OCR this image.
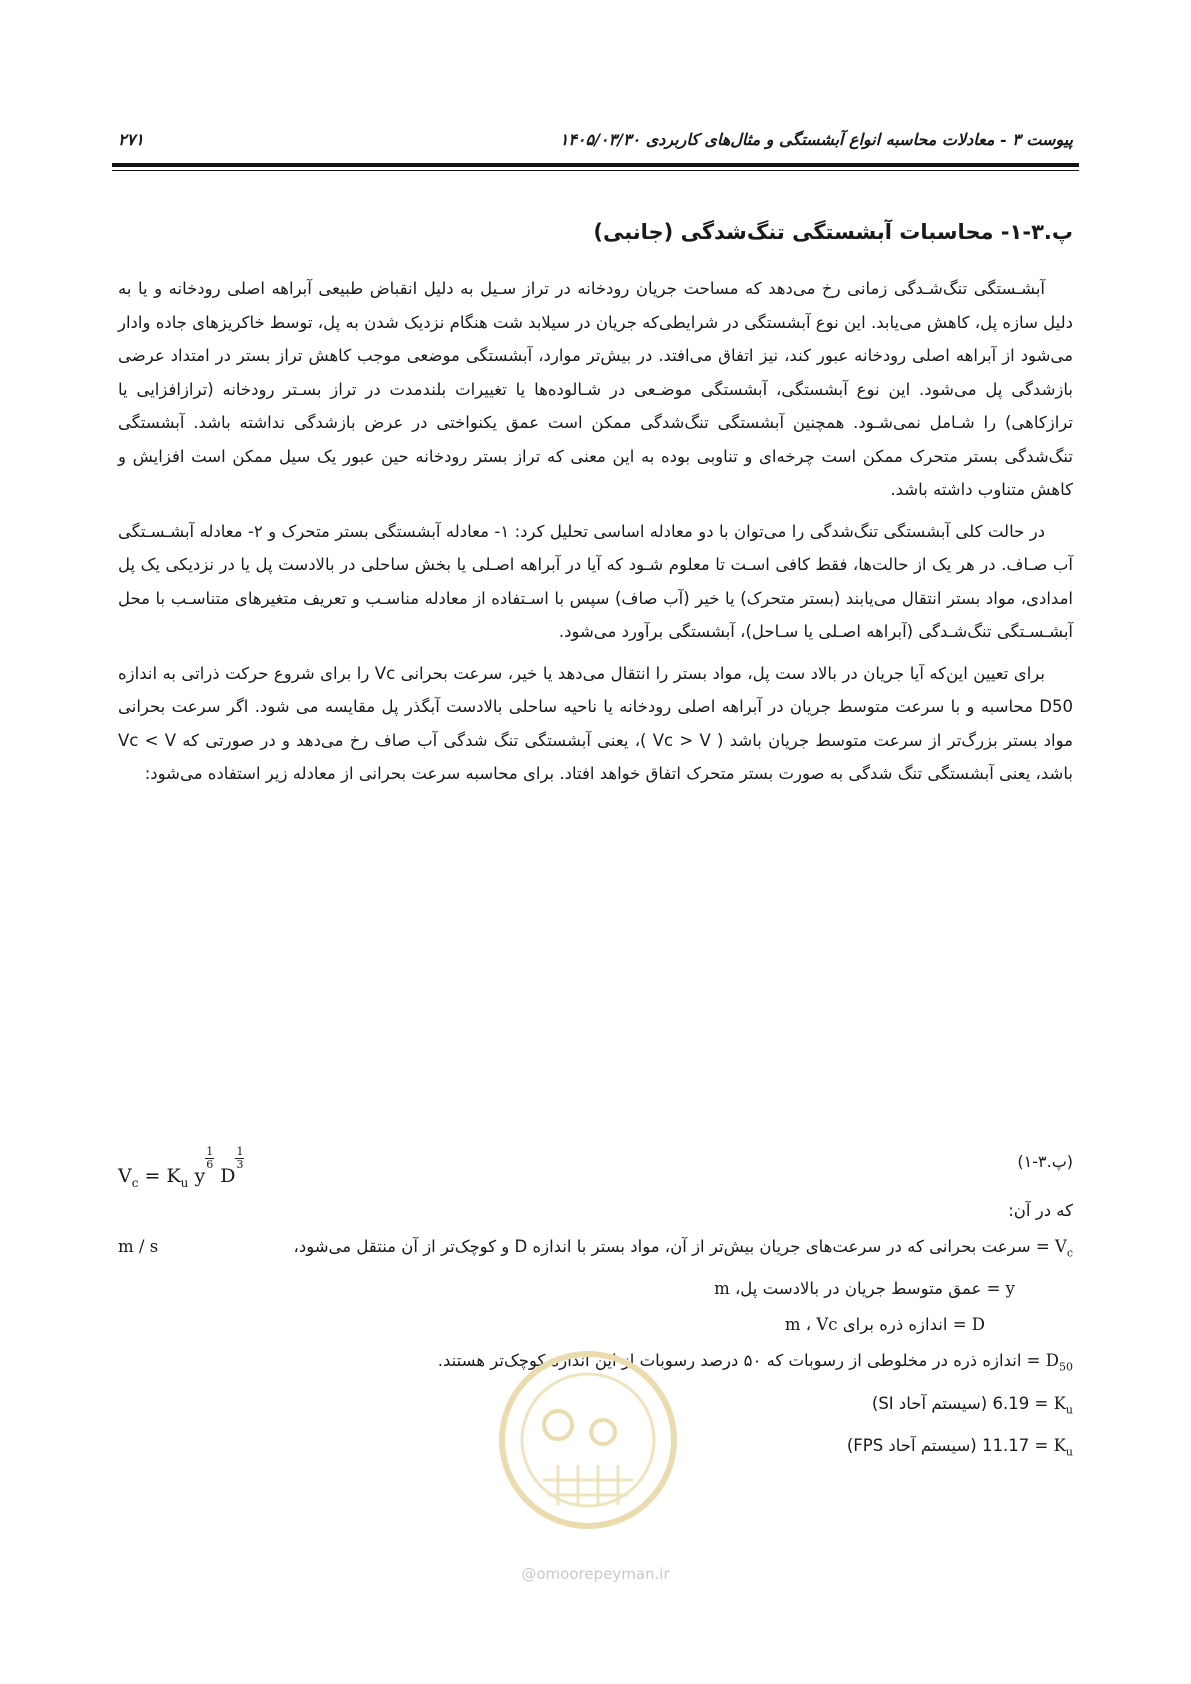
پیوست ۳ - معادلات محاسبه انواع آبشستگی و مثال‌های کاربردی ۱۴۰۵/۰۳/۳۰
۲۷۱
پ.۳-۱- محاسبات آبشستگی تنگ‌شدگی (جانبی)

آبشـستگی تنگ‌شـدگی زمانی رخ می‌دهد که مساحت جریان رودخانه در تراز سـیل به دلیل انقباض طبیعی آبراهه اصلی رودخانه و یا به دلیل سازه پل، کاهش می‌یابد. این نوع آبشستگی در شرایطی‌که جریان در سیلابد شت هنگام نزدیک شدن به پل، توسط خاکریزهای جاده وادار می‌شود از آبراهه اصلی رودخانه عبور کند، نیز اتفاق می‌افتد. در بیش‌تر موارد، آبشستگی موضعی موجب کاهش تراز بستر در امتداد عرضی بازشدگی پل می‌شود. این نوع آبشستگی، آبشستگی موضـعی در شـالوده‌ها یا تغییرات بلندمدت در تراز بسـتر رودخانه (ترازافزایی یا ترازکاهی) را شـامل نمی‌شـود. همچنین آبشستگی تنگ‌شدگی ممکن است عمق یکنواختی در عرض بازشدگی نداشته باشد. آبشستگی تنگ‌شدگی بستر متحرک ممکن است چرخه‌ای و تناوبی بوده به این معنی که تراز بستر رودخانه حین عبور یک سیل ممکن است افزایش و کاهش متناوب داشته باشد.

در حالت کلی آبشستگی تنگ‌شدگی را می‌توان با دو معادله اساسی تحلیل کرد: ۱- معادله آبشستگی بستر متحرک و ۲- معادله آبشـسـتگی آب صـاف. در هر یک از حالت‌ها، فقط کافی اسـت تا معلوم شـود که آیا در آبراهه اصـلی یا بخش ساحلی در بالادست پل یا در نزدیکی یک پل امدادی، مواد بستر انتقال می‌یابند (بستر متحرک) یا خیر (آب صاف) سپس با اسـتفاده از معادله مناسـب و تعریف متغیرهای متناسـب با محل آبشـسـتگی تنگ‌شـدگی (آبراهه اصـلی یا سـاحل)، آبشستگی برآورد می‌شود.

برای تعیین این‌که آیا جریان در بالاد ست پل، مواد بستر را انتقال می‌دهد یا خیر، سرعت بحرانی Vc را برای شروع حرکت ذراتی به اندازه D50 محاسبه و با سرعت متوسط جریان در آبراهه اصلی رودخانه یا ناحیه ساحلی بالادست آبگذر پل مقایسه می شود. اگر سرعت بحرانی مواد بستر بزرگ‌تر از سرعت متوسط جریان باشد ( Vc > V )، یعنی آبشستگی تنگ شدگی آب صاف رخ می‌دهد و در صورتی که Vc < V باشد، یعنی آبشستگی تنگ شدگی به صورت بستر متحرک اتفاق خواهد افتاد. برای محاسبه سرعت بحرانی از معادله زیر استفاده می‌شود:

$V_c = K_u$ y
$\frac{1}{6}$
D
$\frac{1}{3}$	(پ.۳-۱)
که در آن:
$V_c$ = سرعت بحرانی که در سرعت‌های جریان بیش‌تر از آن، مواد بستر با اندازه D و کوچک‌تر از آن منتقل می‌شود،
m / s
y = عمق متوسط جریان در بالادست پل، m
D = اندازه ذره برای m ، Vc
$D_{50}$ = اندازه ذره در مخلوطی از رسوبات که ۵۰ درصد رسوبات از این اندازه کوچک‌تر هستند.
$K_u = 6.19$ (سیستم آحاد SI)
$K_u = 11.17$ (سیستم آحاد FPS)
@omoorepeyman.ir
